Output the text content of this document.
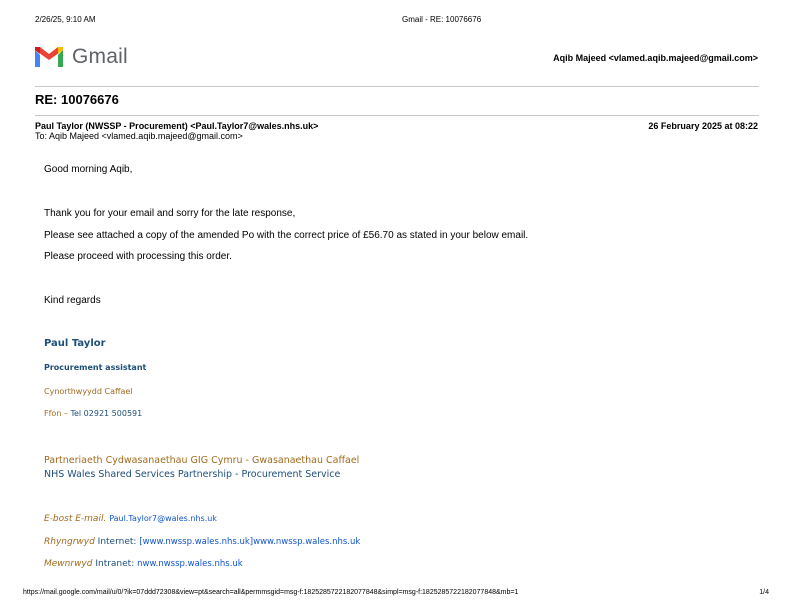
2/26/25, 9:10 AM	Gmail - RE: 10076676
Gmail	Aqib Majeed <vlamed.aqib.majeed@gmail.com>
RE: 10076676
Paul Taylor (NWSSP - Procurement) <Paul.Taylor7@wales.nhs.uk>
To: Aqib Majeed <vlamed.aqib.majeed@gmail.com>
26 February 2025 at 08:22
Good morning Aqib,
Thank you for your email and sorry for the late response,
Please see attached a copy of the amended Po with the correct price of £56.70 as stated in your below email.
Please proceed with processing this order.
Kind regards
Paul Taylor
Procurement assistant
Cynorthwyydd Caffael
Ffon – Tel 02921 500591
Partneriaeth Cydwasanaethau GIG Cymru - Gwasanaethau Caffael
NHS Wales Shared Services Partnership - Procurement Service
E-bost E-mail. Paul.Taylor7@wales.nhs.uk
Rhyngrwyd Internet: [www.nwssp.wales.nhs.uk]www.nwssp.wales.nhs.uk
Mewnrwyd Intranet: nww.nwssp.wales.nhs.uk
https://mail.google.com/mail/u/0/?ik=07ddd72308&view=pt&search=all&permmsgid=msg-f:1825285722182077848&simpl=msg-f:1825285722182077848&mb=1	1/4
